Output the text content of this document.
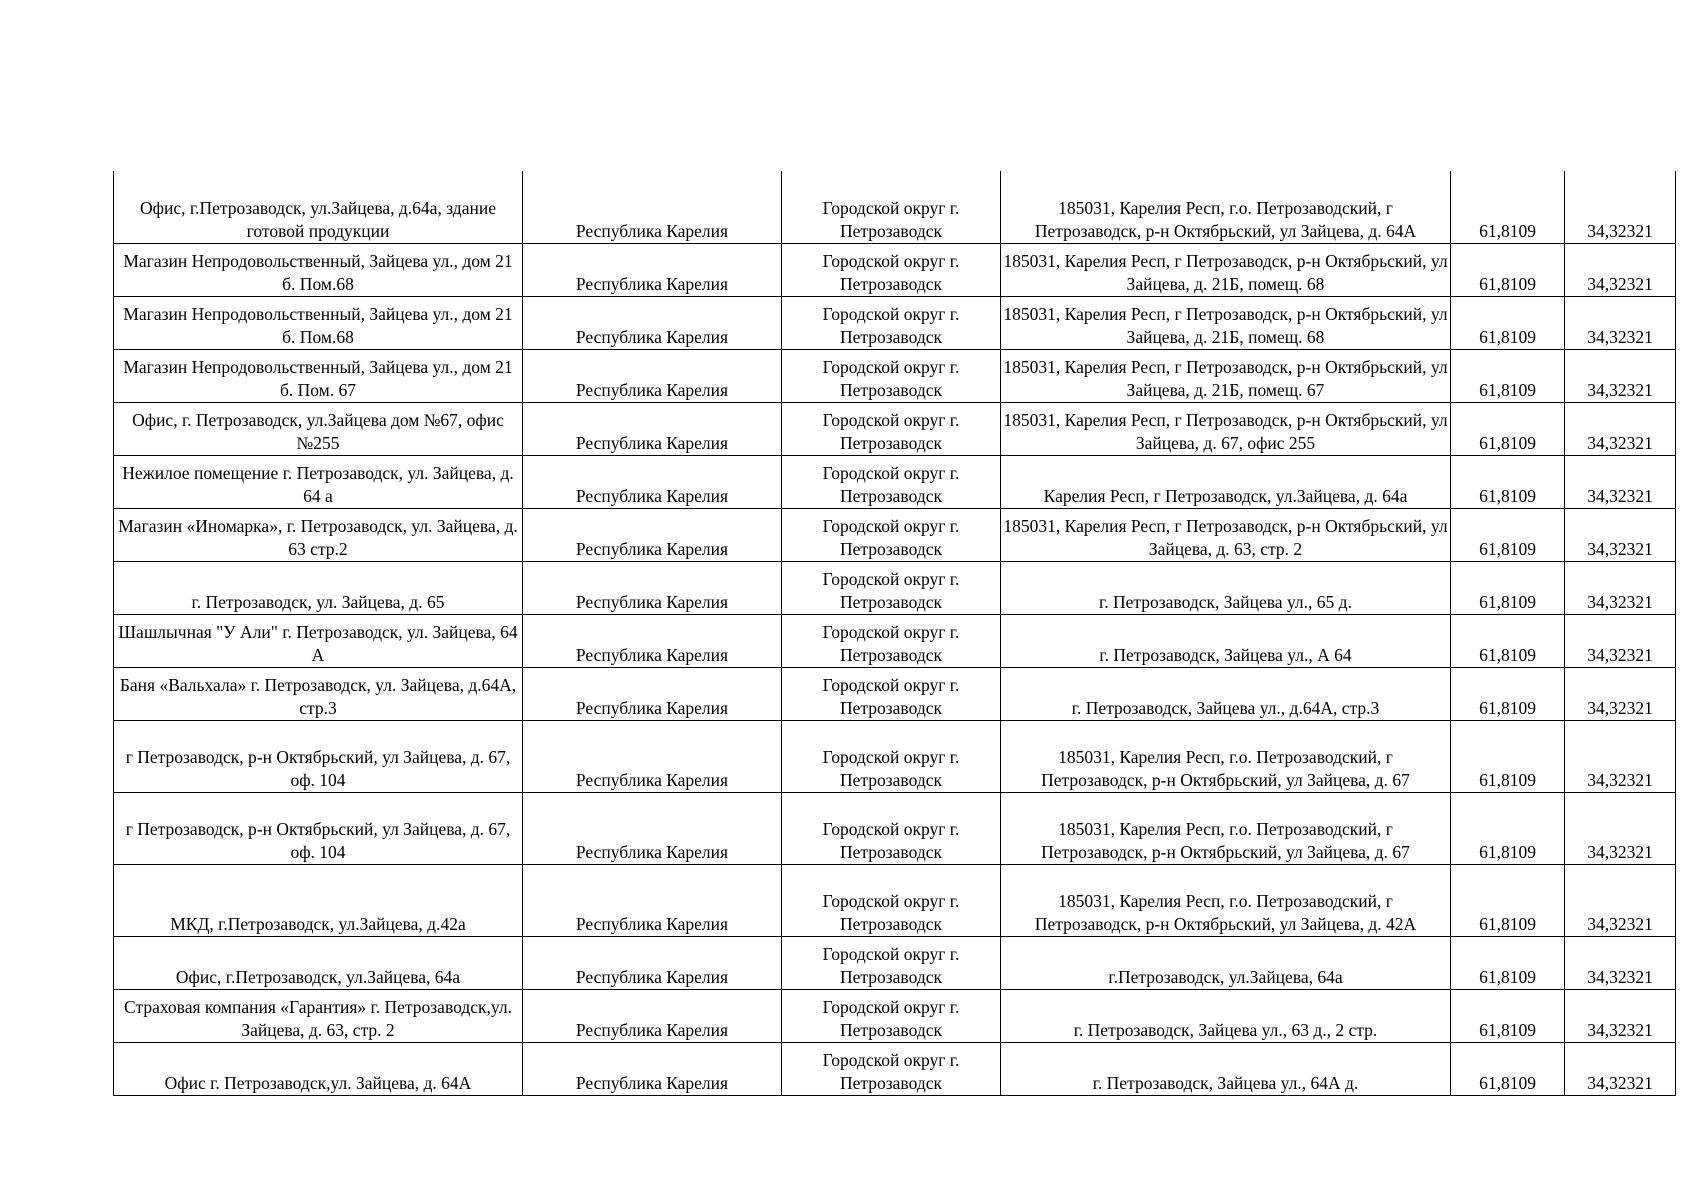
Офис, г.Петрозаводск, ул.Зайцева, д.64а, здание готовой продукции	Республика Карелия	Городской округ г. Петрозаводск	185031, Карелия Респ, г.о. Петрозаводский, г Петрозаводск, р-н Октябрьский, ул Зайцева, д. 64А	61,8109	34,32321
Магазин Непродовольственный, Зайцева ул., дом 21 б. Пом.68	Республика Карелия	Городской округ г. Петрозаводск	185031, Карелия Респ, г Петрозаводск, р-н Октябрьский, ул Зайцева, д. 21Б, помещ. 68	61,8109	34,32321
Магазин Непродовольственный, Зайцева ул., дом 21 б. Пом.68	Республика Карелия	Городской округ г. Петрозаводск	185031, Карелия Респ, г Петрозаводск, р-н Октябрьский, ул Зайцева, д. 21Б, помещ. 68	61,8109	34,32321
Магазин Непродовольственный, Зайцева ул., дом 21 б. Пом. 67	Республика Карелия	Городской округ г. Петрозаводск	185031, Карелия Респ, г Петрозаводск, р-н Октябрьский, ул Зайцева, д. 21Б, помещ. 67	61,8109	34,32321
Офис, г. Петрозаводск, ул.Зайцева дом №67, офис №255	Республика Карелия	Городской округ г. Петрозаводск	185031, Карелия Респ, г Петрозаводск, р-н Октябрьский, ул Зайцева, д. 67, офис 255	61,8109	34,32321
Нежилое помещение г. Петрозаводск, ул. Зайцева, д. 64 а	Республика Карелия	Городской округ г. Петрозаводск	Карелия Респ, г Петрозаводск, ул.Зайцева, д. 64а	61,8109	34,32321
Магазин «Иномарка», г. Петрозаводск, ул. Зайцева, д. 63 стр.2	Республика Карелия	Городской округ г. Петрозаводск	185031, Карелия Респ, г Петрозаводск, р-н Октябрьский, ул Зайцева, д. 63, стр. 2	61,8109	34,32321
г. Петрозаводск, ул. Зайцева, д. 65	Республика Карелия	Городской округ г. Петрозаводск	г. Петрозаводск, Зайцева ул., 65 д.	61,8109	34,32321
Шашлычная "У Али" г. Петрозаводск, ул. Зайцева, 64 А	Республика Карелия	Городской округ г. Петрозаводск	г. Петрозаводск, Зайцева ул., А 64	61,8109	34,32321
Баня «Вальхала» г. Петрозаводск, ул. Зайцева, д.64А, стр.3	Республика Карелия	Городской округ г. Петрозаводск	г. Петрозаводск, Зайцева ул., д.64А, стр.3	61,8109	34,32321
г Петрозаводск, р-н Октябрьский, ул Зайцева, д. 67, оф. 104	Республика Карелия	Городской округ г. Петрозаводск	185031, Карелия Респ, г.о. Петрозаводский, г Петрозаводск, р-н Октябрьский, ул Зайцева, д. 67	61,8109	34,32321
г Петрозаводск, р-н Октябрьский, ул Зайцева, д. 67, оф. 104	Республика Карелия	Городской округ г. Петрозаводск	185031, Карелия Респ, г.о. Петрозаводский, г Петрозаводск, р-н Октябрьский, ул Зайцева, д. 67	61,8109	34,32321
МКД, г.Петрозаводск, ул.Зайцева, д.42а	Республика Карелия	Городской округ г. Петрозаводск	185031, Карелия Респ, г.о. Петрозаводский, г Петрозаводск, р-н Октябрьский, ул Зайцева, д. 42А	61,8109	34,32321
Офис, г.Петрозаводск, ул.Зайцева, 64а	Республика Карелия	Городской округ г. Петрозаводск	г.Петрозаводск, ул.Зайцева, 64а	61,8109	34,32321
Страховая компания «Гарантия» г. Петрозаводск,ул. Зайцева, д. 63, стр. 2	Республика Карелия	Городской округ г. Петрозаводск	г. Петрозаводск, Зайцева ул., 63 д., 2 стр.	61,8109	34,32321
Офис г. Петрозаводск,ул. Зайцева, д. 64А	Республика Карелия	Городской округ г. Петрозаводск	г. Петрозаводск, Зайцева ул., 64А д.	61,8109	34,32321
